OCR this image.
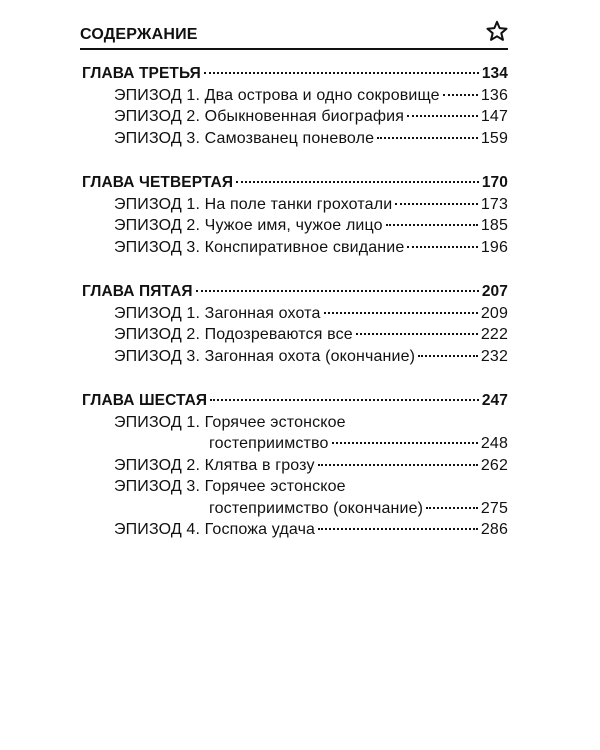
СОДЕРЖАНИЕ
ГЛАВА ТРЕТЬЯ	134
ЭПИЗОД 1. Два острова и одно сокровище	136
ЭПИЗОД 2. Обыкновенная биография	147
ЭПИЗОД 3. Самозванец поневоле	159
ГЛАВА ЧЕТВЕРТАЯ	170
ЭПИЗОД 1. На поле танки грохотали	173
ЭПИЗОД 2. Чужое имя, чужое лицо	185
ЭПИЗОД 3. Конспиративное свидание	196
ГЛАВА ПЯТАЯ	207
ЭПИЗОД 1. Загонная охота	209
ЭПИЗОД 2. Подозреваются все	222
ЭПИЗОД 3. Загонная охота (окончание)	232
ГЛАВА ШЕСТАЯ	247
ЭПИЗОД 1. Горячее эстонское
гостеприимство	248
ЭПИЗОД 2. Клятва в грозу	262
ЭПИЗОД 3. Горячее эстонское
гостеприимство (окончание)	275
ЭПИЗОД 4. Госпожа удача	286
